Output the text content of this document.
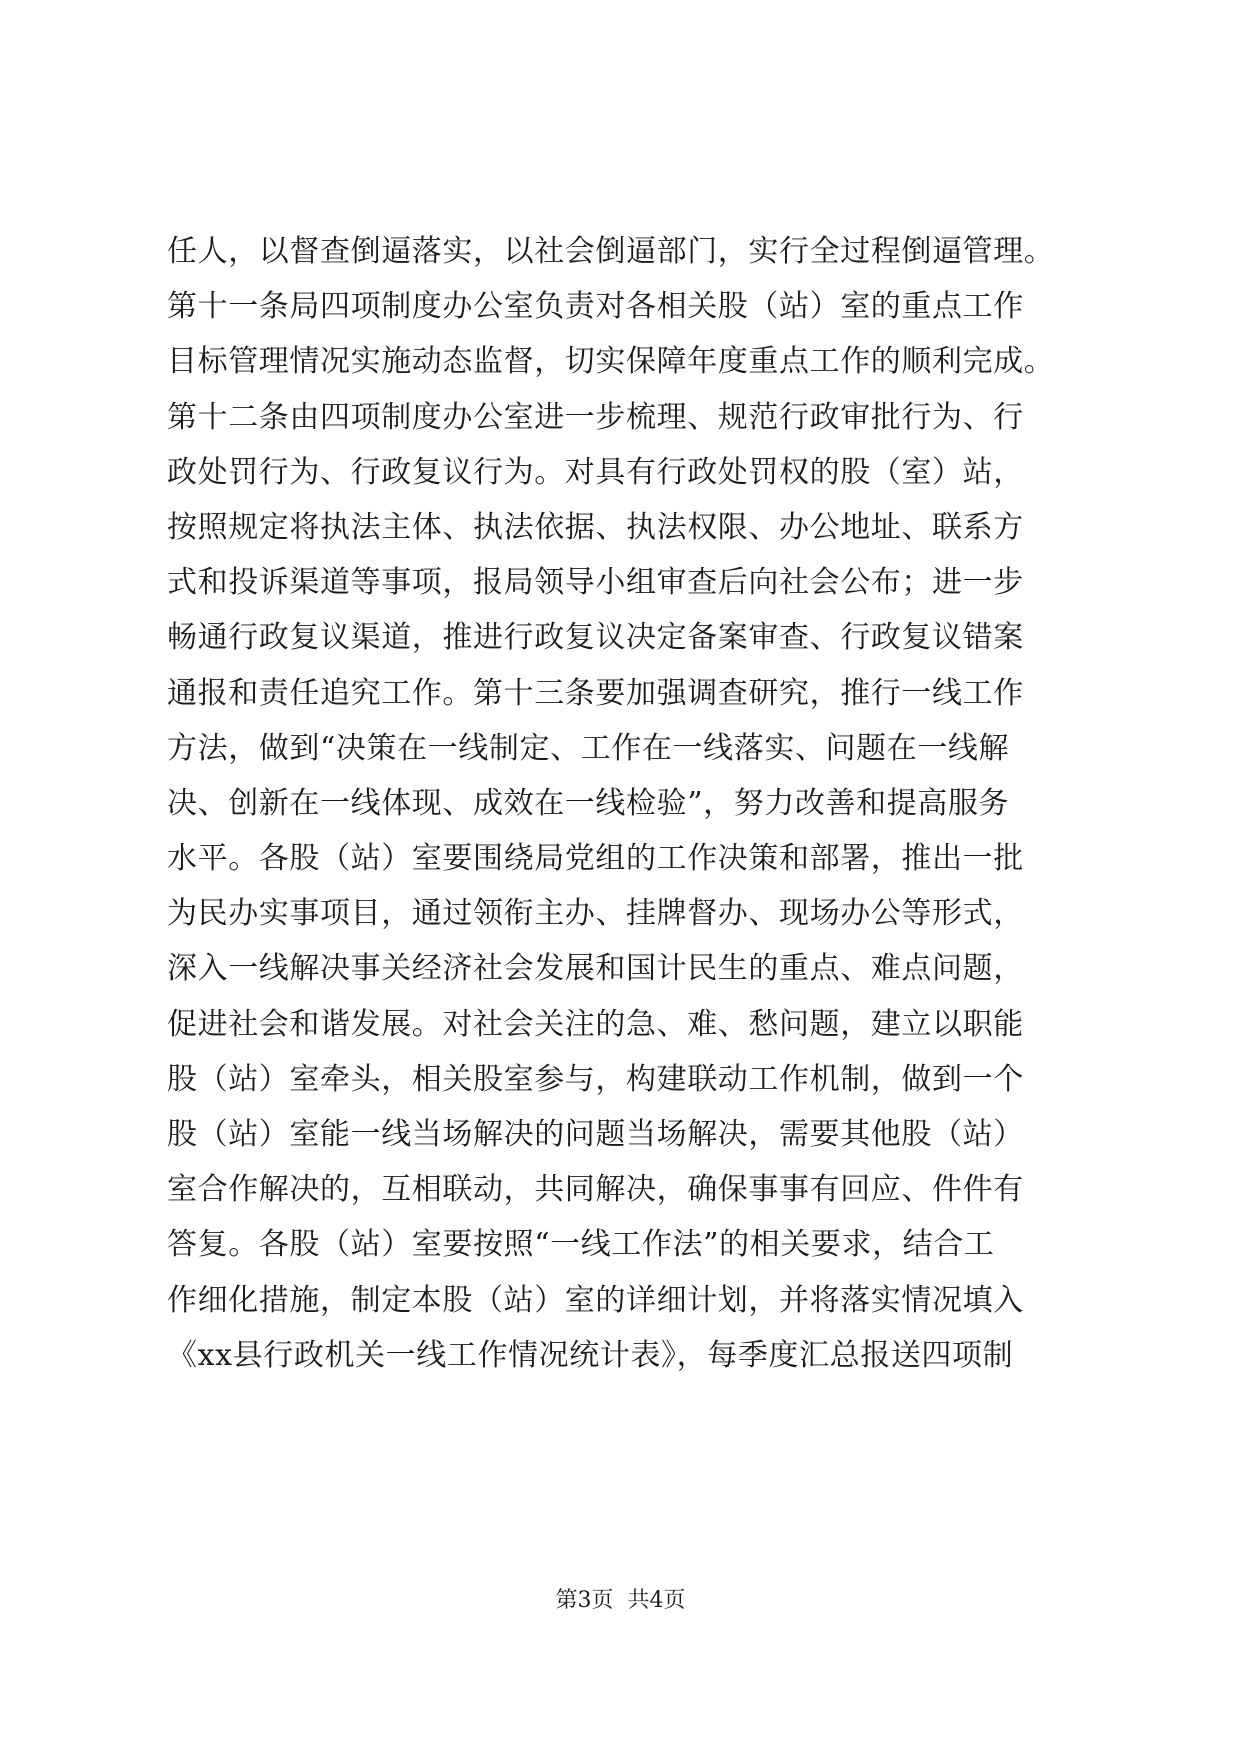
任人，以督查倒逼落实，以社会倒逼部门，实行全过程倒逼管理。
第十一条局四项制度办公室负责对各相关股（站）室的重点工作
目标管理情况实施动态监督，切实保障年度重点工作的顺利完成。
第十二条由四项制度办公室进一步梳理、规范行政审批行为、行
政处罚行为、行政复议行为。对具有行政处罚权的股（室）站，
按照规定将执法主体、执法依据、执法权限、办公地址、联系方
式和投诉渠道等事项，报局领导小组审查后向社会公布；进一步
畅通行政复议渠道，推进行政复议决定备案审查、行政复议错案
通报和责任追究工作。第十三条要加强调查研究，推行一线工作
方法，做到“决策在一线制定、工作在一线落实、问题在一线解
决、创新在一线体现、成效在一线检验”，努力改善和提高服务
水平。各股（站）室要围绕局党组的工作决策和部署，推出一批
为民办实事项目，通过领衔主办、挂牌督办、现场办公等形式，
深入一线解决事关经济社会发展和国计民生的重点、难点问题，
促进社会和谐发展。对社会关注的急、难、愁问题，建立以职能
股（站）室牵头，相关股室参与，构建联动工作机制，做到一个
股（站）室能一线当场解决的问题当场解决，需要其他股（站）
室合作解决的，互相联动，共同解决，确保事事有回应、件件有
答复。各股（站）室要按照“一线工作法”的相关要求，结合工
作细化措施，制定本股（站）室的详细计划，并将落实情况填入
《xx县行政机关一线工作情况统计表》，每季度汇总报送四项制
第3页 共4页
